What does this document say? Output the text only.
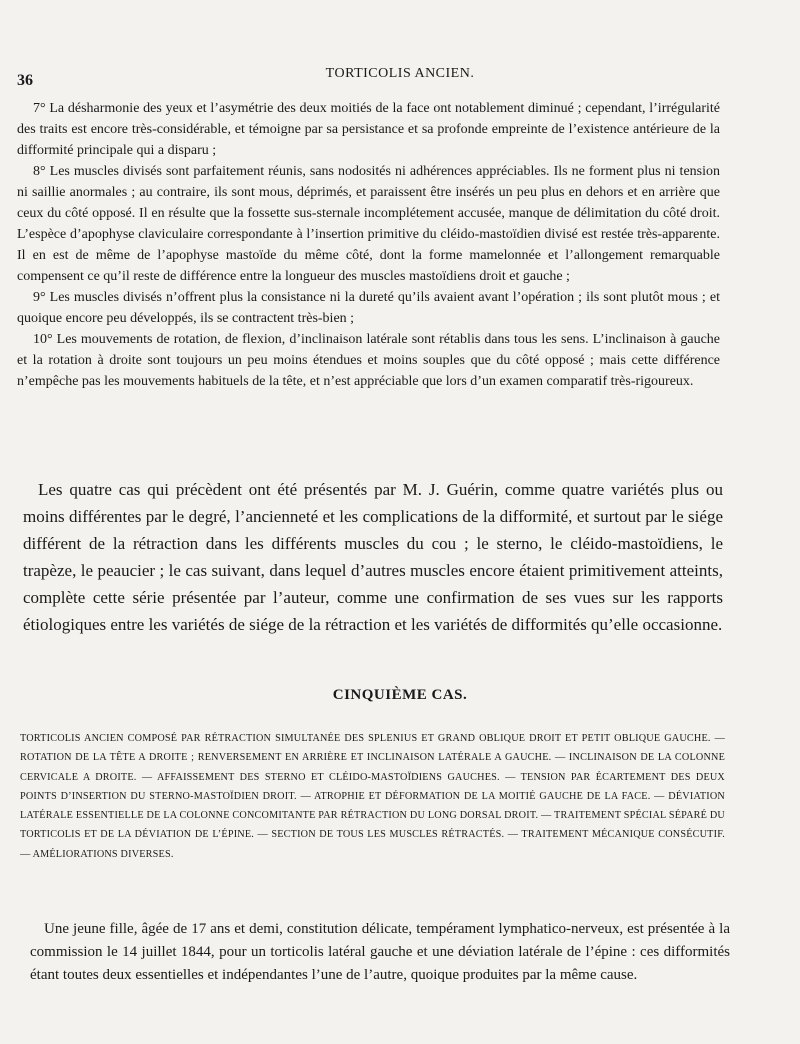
36	TORTICOLIS ANCIEN.

7° La désharmonie des yeux et l’asymétrie des deux moitiés de la face ont notablement diminué ; cependant, l’irrégularité des traits est encore très-considérable, et témoigne par sa persistance et sa profonde empreinte de l’existence antérieure de la difformité principale qui a disparu ;

8° Les muscles divisés sont parfaitement réunis, sans nodosités ni adhérences appréciables. Ils ne forment plus ni tension ni saillie anormales ; au contraire, ils sont mous, déprimés, et paraissent être insérés un peu plus en dehors et en arrière que ceux du côté opposé. Il en résulte que la fossette sus-sternale incomplétement accusée, manque de délimitation du côté droit. L’espèce d’apophyse claviculaire correspondante à l’insertion primitive du cléido-mastoïdien divisé est restée très-apparente. Il en est de même de l’apophyse mastoïde du même côté, dont la forme mamelonnée et l’allongement remarquable compensent ce qu’il reste de différence entre la longueur des muscles mastoïdiens droit et gauche ;

9° Les muscles divisés n’offrent plus la consistance ni la dureté qu’ils avaient avant l’opération ; ils sont plutôt mous ; et quoique encore peu développés, ils se contractent très-bien ;

10° Les mouvements de rotation, de flexion, d’inclinaison latérale sont rétablis dans tous les sens. L’inclinaison à gauche et la rotation à droite sont toujours un peu moins étendues et moins souples que du côté opposé ; mais cette différence n’empêche pas les mouvements habituels de la tête, et n’est appréciable que lors d’un examen comparatif très-rigoureux.

Les quatre cas qui précèdent ont été présentés par M. J. Guérin, comme quatre variétés plus ou moins différentes par le degré, l’ancienneté et les complications de la difformité, et surtout par le siége différent de la rétraction dans les différents muscles du cou ; le sterno, le cléido-mastoïdiens, le trapèze, le peaucier ; le cas suivant, dans lequel d’autres muscles encore étaient primitivement atteints, complète cette série présentée par l’auteur, comme une confirmation de ses vues sur les rapports étiologiques entre les variétés de siége de la rétraction et les variétés de difformités qu’elle occasionne.

CINQUIÈME CAS.

TORTICOLIS ANCIEN COMPOSÉ PAR RÉTRACTION SIMULTANÉE DES SPLENIUS ET GRAND OBLIQUE DROIT ET PETIT OBLIQUE GAUCHE. — ROTATION DE LA TÊTE A DROITE ; RENVERSEMENT EN ARRIÈRE ET INCLINAISON LATÉRALE A GAUCHE. — INCLINAISON DE LA COLONNE CERVICALE A DROITE. — AFFAISSEMENT DES STERNO ET CLÉIDO-MASTOÏDIENS GAUCHES. — TENSION PAR ÉCARTEMENT DES DEUX POINTS D’INSERTION DU STERNO-MASTOÏDIEN DROIT. — ATROPHIE ET DÉFORMATION DE LA MOITIÉ GAUCHE DE LA FACE. — DÉVIATION LATÉRALE ESSENTIELLE DE LA COLONNE CONCOMITANTE PAR RÉTRACTION DU LONG DORSAL DROIT. — TRAITEMENT SPÉCIAL SÉPARÉ DU TORTICOLIS ET DE LA DÉVIATION DE L’ÉPINE. — SECTION DE TOUS LES MUSCLES RÉTRACTÉS. — TRAITEMENT MÉCANIQUE CONSÉCUTIF. — AMÉLIORATIONS DIVERSES.

Une jeune fille, âgée de 17 ans et demi, constitution délicate, tempérament lymphatico-nerveux, est présentée à la commission le 14 juillet 1844, pour un torticolis latéral gauche et une déviation latérale de l’épine : ces difformités étant toutes deux essentielles et indépendantes l’une de l’autre, quoique produites par la même cause.
